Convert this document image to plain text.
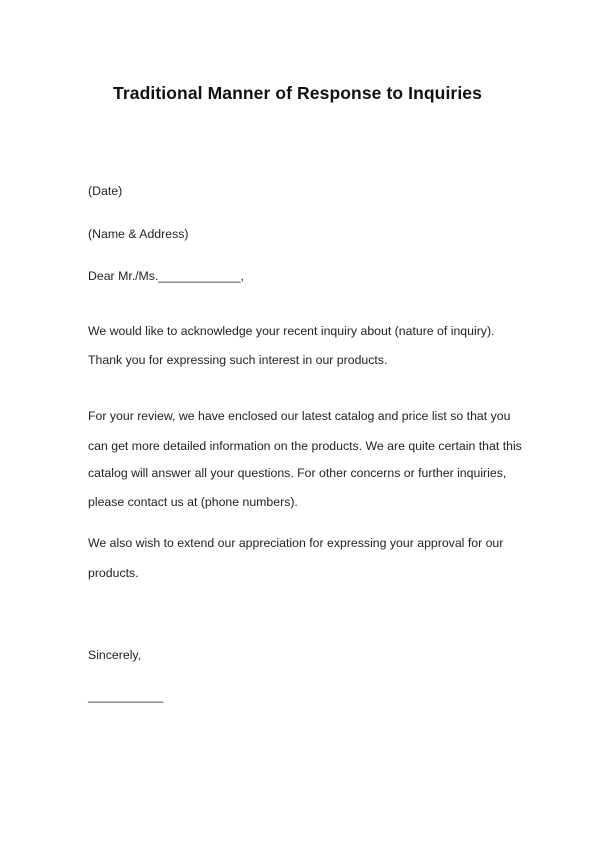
Traditional Manner of Response to Inquiries
(Date)
(Name & Address)
Dear Mr./Ms.____________,
We would like to acknowledge your recent inquiry about (nature of inquiry).
Thank you for expressing such interest in our products.
For your review, we have enclosed our latest catalog and price list so that you
can get more detailed information on the products. We are quite certain that this
catalog will answer all your questions. For other concerns or further inquiries,
please contact us at (phone numbers).
We also wish to extend our appreciation for expressing your approval for our
products.
Sincerely,
___________
